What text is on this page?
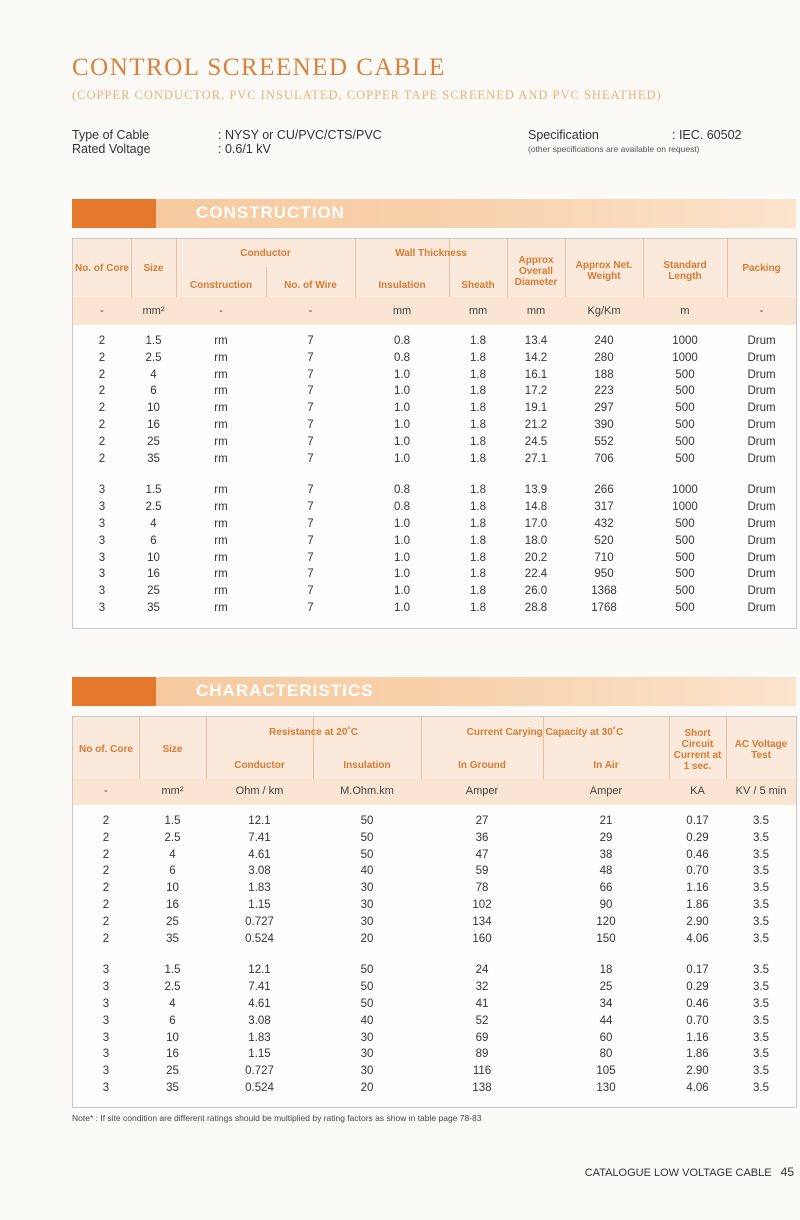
CONTROL SCREENED CABLE
(COPPER CONDUCTOR, PVC INSULATED, COPPER TAPE SCREENED AND PVC SHEATHED)
Type of Cable	: NYSY or CU/PVC/CTS/PVC
Rated Voltage	: 0.6/1 kV
Specification	: IEC. 60502
(other specifications are available on request)
CONSTRUCTION
Conductor	Wall Thickness
No. of Core	Size
Construction	No. of Wire	Insulation	Sheath
Approx Overall Diameter
Approx Net. Weight
Standard Length
Packing
-	mm²	-	-	mm	mm	mm	Kg/Km	m	-
2	1.5	rm	7	0.8	1.8	13.4	240	1000	Drum
2	2.5	rm	7	0.8	1.8	14.2	280	1000	Drum
2	4	rm	7	1.0	1.8	16.1	188	500	Drum
2	6	rm	7	1.0	1.8	17.2	223	500	Drum
2	10	rm	7	1.0	1.8	19.1	297	500	Drum
2	16	rm	7	1.0	1.8	21.2	390	500	Drum
2	25	rm	7	1.0	1.8	24.5	552	500	Drum
2	35	rm	7	1.0	1.8	27.1	706	500	Drum
3	1.5	rm	7	0.8	1.8	13.9	266	1000	Drum
3	2.5	rm	7	0.8	1.8	14.8	317	1000	Drum
3	4	rm	7	1.0	1.8	17.0	432	500	Drum
3	6	rm	7	1.0	1.8	18.0	520	500	Drum
3	10	rm	7	1.0	1.8	20.2	710	500	Drum
3	16	rm	7	1.0	1.8	22.4	950	500	Drum
3	25	rm	7	1.0	1.8	26.0	1368	500	Drum
3	35	rm	7	1.0	1.8	28.8	1768	500	Drum
CHARACTERISTICS
Resistance at 20˚C	Current Carying Capacity at 30˚C
No of. Core	Size
Conductor	Insulation	In Ground	In Air
Short Circuit Current at 1 sec.
AC Voltage Test
-	mm²	Ohm / km	M.Ohm.km	Amper	Amper	KA	KV / 5 min
2	1.5	12.1	50	27	21	0.17	3.5
2	2.5	7.41	50	36	29	0.29	3.5
2	4	4.61	50	47	38	0.46	3.5
2	6	3.08	40	59	48	0.70	3.5
2	10	1.83	30	78	66	1.16	3.5
2	16	1.15	30	102	90	1.86	3.5
2	25	0.727	30	134	120	2.90	3.5
2	35	0.524	20	160	150	4.06	3.5
3	1.5	12.1	50	24	18	0.17	3.5
3	2.5	7.41	50	32	25	0.29	3.5
3	4	4.61	50	41	34	0.46	3.5
3	6	3.08	40	52	44	0.70	3.5
3	10	1.83	30	69	60	1.16	3.5
3	16	1.15	30	89	80	1.86	3.5
3	25	0.727	30	116	105	2.90	3.5
3	35	0.524	20	138	130	4.06	3.5
Note* : If site condition are different ratings should be multiplied by rating factors as show in table page 78-83
CATALOGUE LOW VOLTAGE CABLE 45
